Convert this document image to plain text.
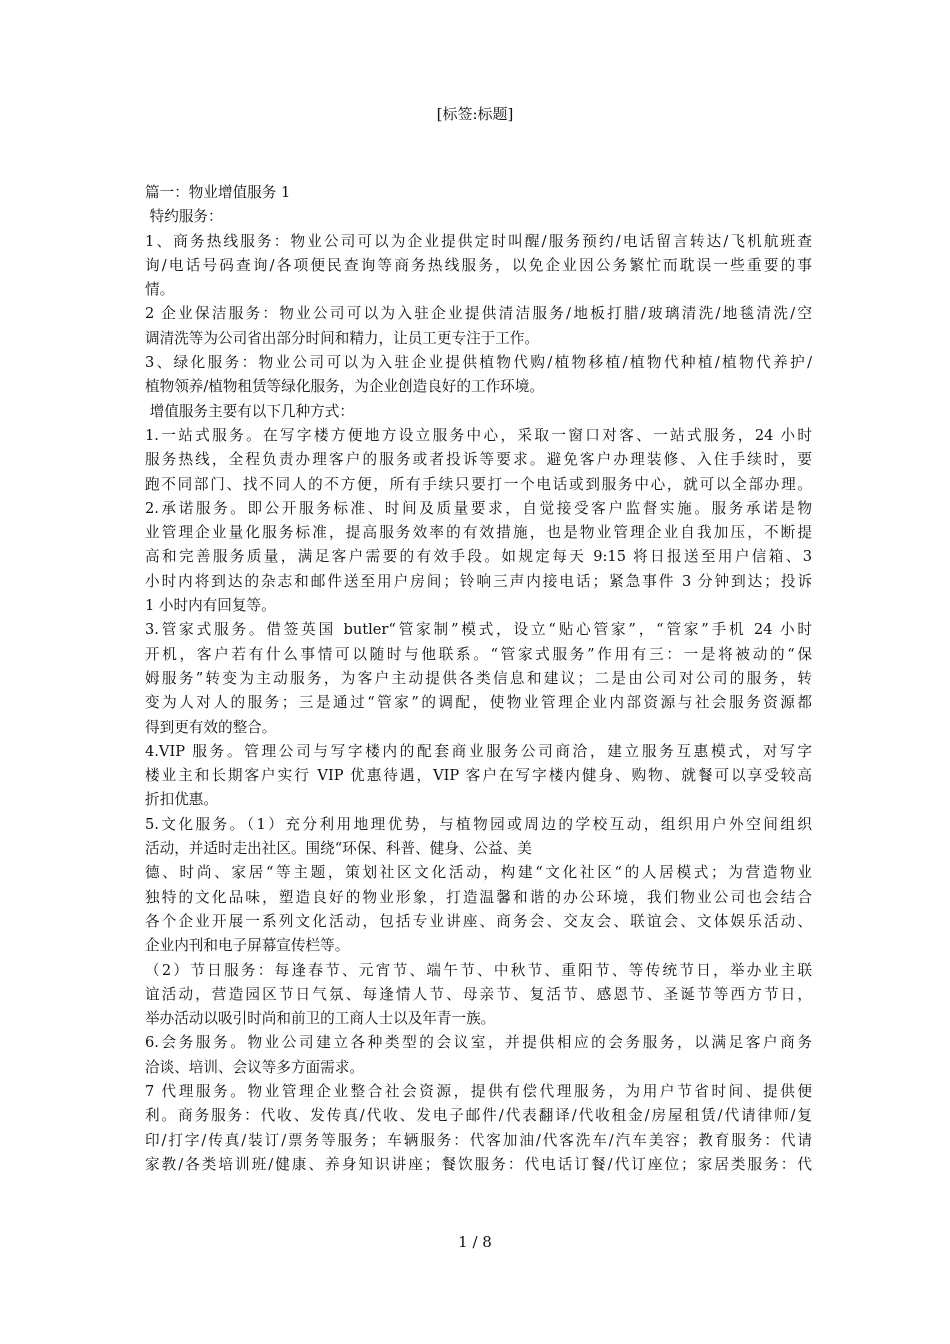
[标签:标题]
篇一：物业增值服务 1
特约服务：
1、商务热线服务：物业公司可以为企业提供定时叫醒/服务预约/电话留言转达/飞机航班查
询/电话号码查询/各项便民查询等商务热线服务，以免企业因公务繁忙而耽误一些重要的事
情。
2 企业保洁服务：物业公司可以为入驻企业提供清洁服务/地板打腊/玻璃清洗/地毯清洗/空
调清洗等为公司省出部分时间和精力，让员工更专注于工作。
3、绿化服务：物业公司可以为入驻企业提供植物代购/植物移植/植物代种植/植物代养护/
植物领养/植物租赁等绿化服务，为企业创造良好的工作环境。
增值服务主要有以下几种方式：
1.一站式服务。在写字楼方便地方设立服务中心，采取一窗口对客、一站式服务，24 小时
服务热线，全程负责办理客户的服务或者投诉等要求。避免客户办理装修、入住手续时，要
跑不同部门、找不同人的不方便，所有手续只要打一个电话或到服务中心，就可以全部办理。
2.承诺服务。即公开服务标准、时间及质量要求，自觉接受客户监督实施。服务承诺是物
业管理企业量化服务标准，提高服务效率的有效措施，也是物业管理企业自我加压，不断提
高和完善服务质量，满足客户需要的有效手段。如规定每天 9:15 将日报送至用户信箱、3
小时内将到达的杂志和邮件送至用户房间；铃响三声内接电话；紧急事件 3 分钟到达；投诉
1 小时内有回复等。
3.管家式服务。借签英国 butler“管家制”模式，设立“贴心管家”，“管家”手机 24 小时
开机，客户若有什么事情可以随时与他联系。“管家式服务”作用有三：一是将被动的“保
姆服务”转变为主动服务，为客户主动提供各类信息和建议；二是由公司对公司的服务，转
变为人对人的服务；三是通过“管家”的调配，使物业管理企业内部资源与社会服务资源都
得到更有效的整合。
4.VIP 服务。管理公司与写字楼内的配套商业服务公司商洽，建立服务互惠模式，对写字
楼业主和长期客户实行 VIP 优惠待遇，VIP 客户在写字楼内健身、购物、就餐可以享受较高
折扣优惠。
5.文化服务。（1）充分利用地理优势，与植物园或周边的学校互动，组织用户外空间组织
活动，并适时走出社区。围绕“环保、科普、健身、公益、美
德、时尚、家居“等主题，策划社区文化活动，构建“文化社区“的人居模式；为营造物业
独特的文化品味，塑造良好的物业形象，打造温馨和谐的办公环境，我们物业公司也会结合
各个企业开展一系列文化活动，包括专业讲座、商务会、交友会、联谊会、文体娱乐活动、
企业内刊和电子屏幕宣传栏等。
（2）节日服务：每逢春节、元宵节、端午节、中秋节、重阳节、等传统节日，举办业主联
谊活动，营造园区节日气氛、每逢情人节、母亲节、复活节、感恩节、圣诞节等西方节日，
举办活动以吸引时尚和前卫的工商人士以及年青一族。
6.会务服务。物业公司建立各种类型的会议室，并提供相应的会务服务，以满足客户商务
洽谈、培训、会议等多方面需求。
7 代理服务。物业管理企业整合社会资源，提供有偿代理服务，为用户节省时间、提供便
利。商务服务：代收、发传真/代收、发电子邮件/代表翻译/代收租金/房屋租赁/代请律师/复
印/打字/传真/装订/票务等服务；车辆服务：代客加油/代客洗车/汽车美容；教育服务：代请
家教/各类培训班/健康、养身知识讲座；餐饮服务：代电话订餐/代订座位；家居类服务：代
1 / 8
